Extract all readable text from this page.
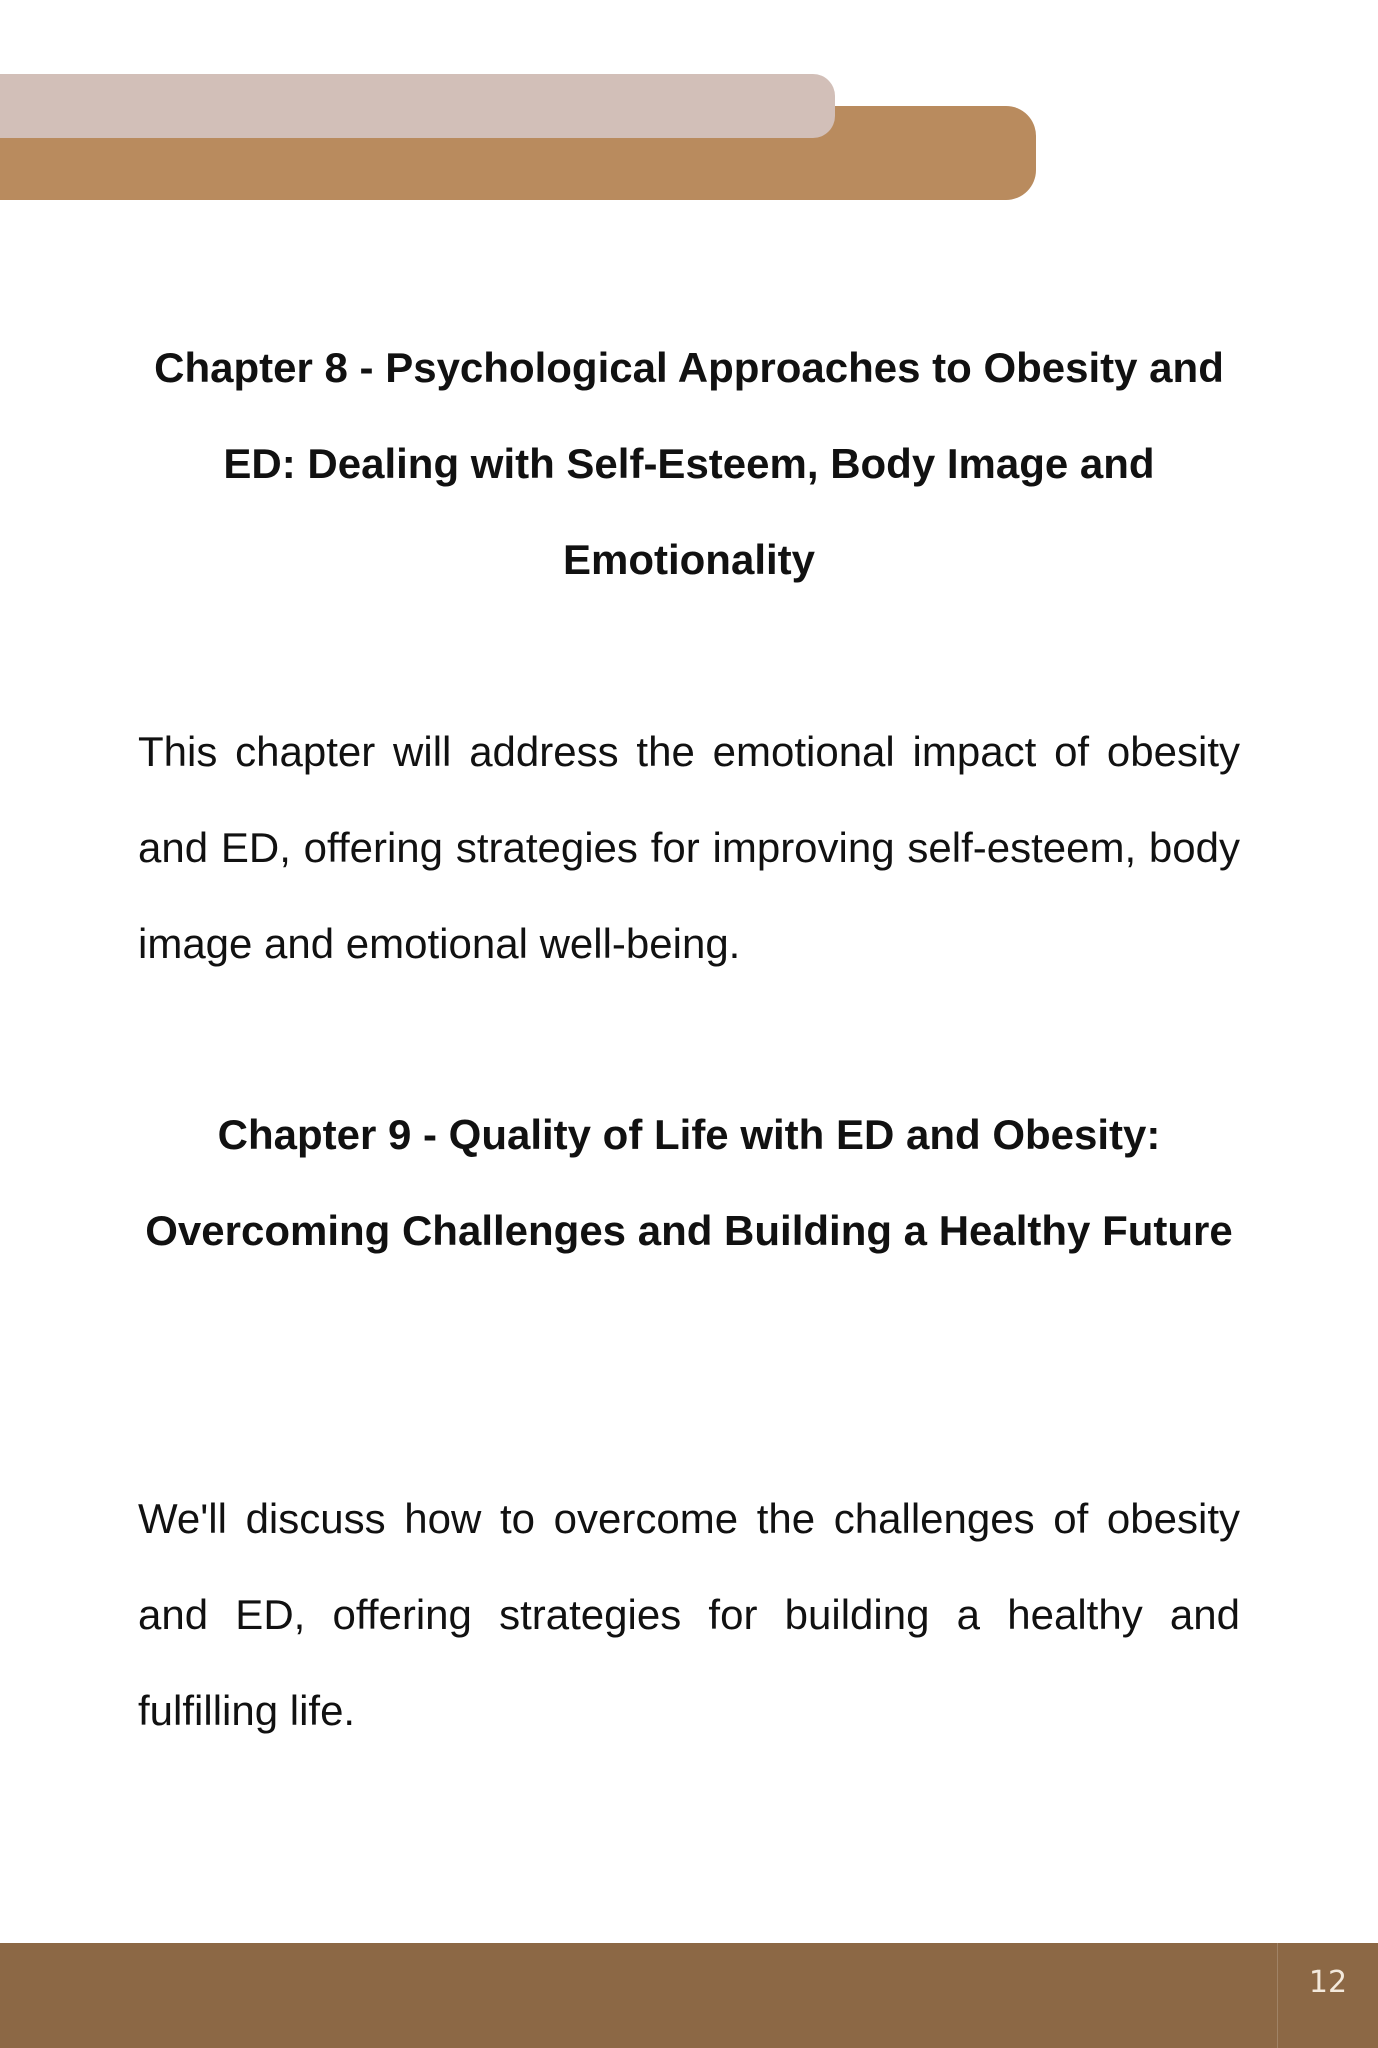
Chapter 8 - Psychological Approaches to Obesity and ED: Dealing with Self-Esteem, Body Image and Emotionality

This chapter will address the emotional impact of obesity and ED, offering strategies for improving self-esteem, body image and emotional well-being.

Chapter 9 - Quality of Life with ED and Obesity: Overcoming Challenges and Building a Healthy Future

We'll discuss how to overcome the challenges of obesity and ED, offering strategies for building a healthy and fulfilling life.

12
